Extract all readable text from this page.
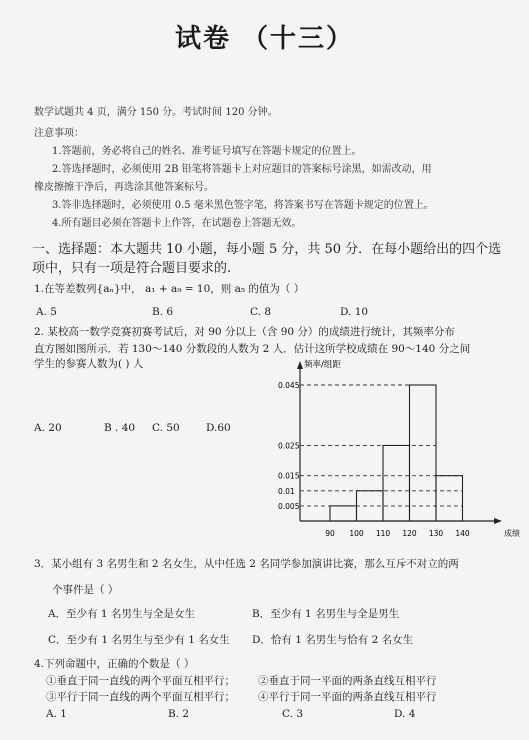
试卷 （十三）
数学试题共 4 页，满分 150 分。考试时间 120 分钟。
注意事项：
1.答题前，务必将自己的姓名、准考证号填写在答题卡规定的位置上。
2.答选择题时，必须使用 2B 铅笔将答题卡上对应题目的答案标号涂黑，如需改动，用
橡皮擦擦干净后，再选涂其他答案标号。
3.答非选择题时，必须使用 0.5 毫米黑色签字笔，将答案书写在答题卡规定的位置上。
4.所有题目必须在答题卡上作答，在试题卷上答题无效。
一、选择题：本大题共 10 小题，每小题 5 分，共 50 分．在每小题给出的四个选
项中，只有一项是符合题目要求的.
1.在等差数列{aₙ}中， a₁ + a₉ = 10，则 a₅ 的值为（ ）
A. 5	B. 6	C. 8	D. 10
2. 某校高一数学竞赛初赛考试后，对 90 分以上（含 90 分）的成绩进行统计，其频率分布
直方图如图所示．若 130～140 分数段的人数为 2 人．估计这所学校成绩在 90～140 分之间
学生的参赛人数为( ) 人
A. 20	B . 40 C. 50	D.60
频率/组距
成绩
0.045
0.025
0.015
0.01
0.005
90 100 110 120 130 140
3．某小组有 3 名男生和 2 名女生，从中任选 2 名同学参加演讲比赛，那么互斥不对立的两
个事件是（ ）
A．至少有 1 名男生与全是女生	B．至少有 1 名男生与全是男生
C．至少有 1 名男生与至少有 1 名女生 D．恰有 1 名男生与恰有 2 名女生
4.下列命题中，正确的个数是（ ）
①垂直于同一直线的两个平面互相平行； ②垂直于同一平面的两条直线互相平行
③平行于同一直线的两个平面互相平行； ④平行于同一平面的两条直线互相平行
A. 1	B. 2	C. 3	D. 4
